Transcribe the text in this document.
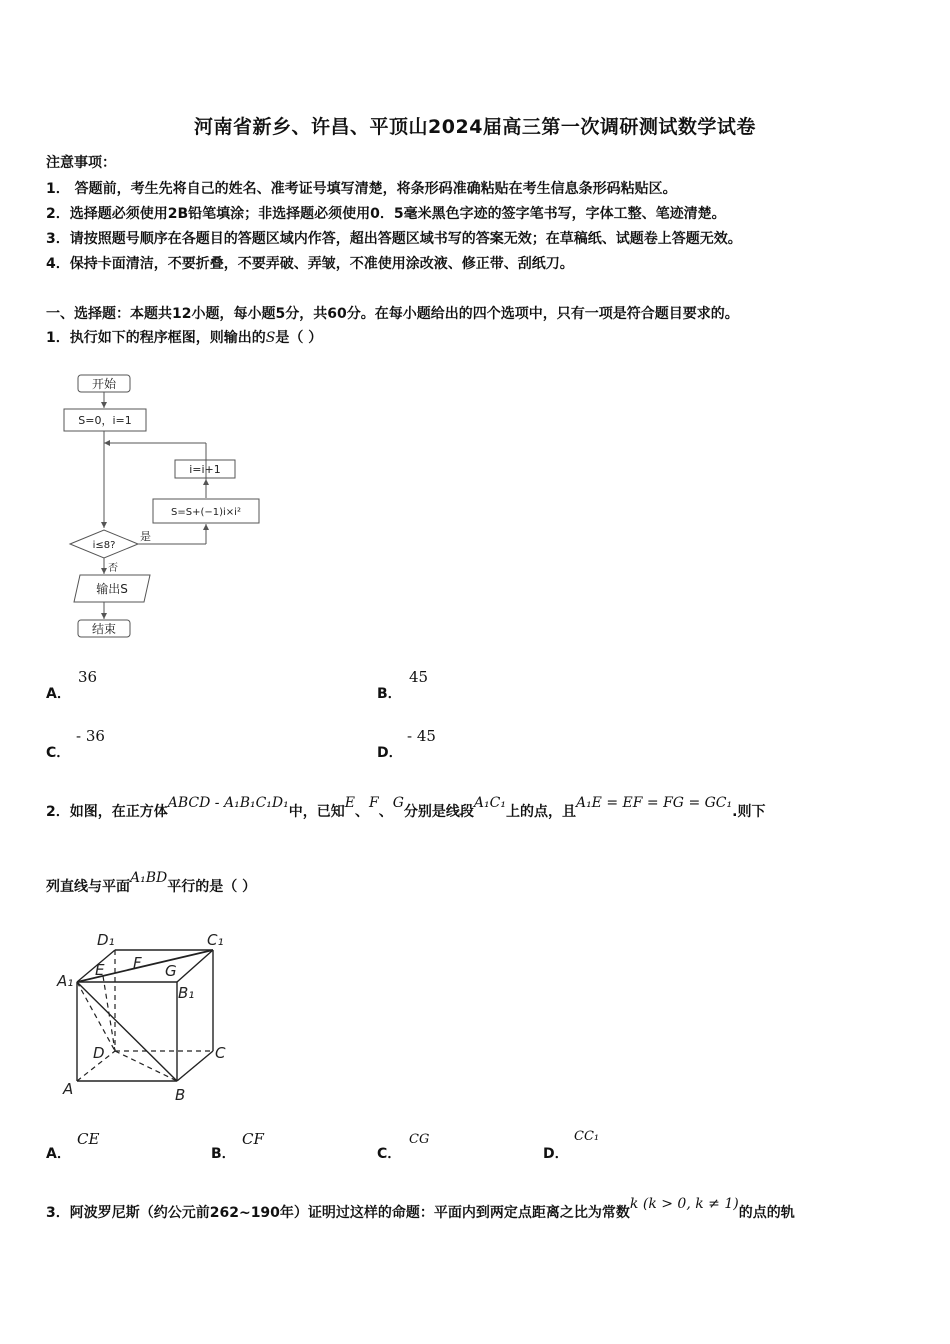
河南省新乡、许昌、平顶山2024届高三第一次调研测试数学试卷
注意事项：
1． 答题前，考生先将自己的姓名、准考证号填写清楚，将条形码准确粘贴在考生信息条形码粘贴区。
2．选择题必须使用2B铅笔填涂；非选择题必须使用0．5毫米黑色字迹的签字笔书写，字体工整、笔迹清楚。
3．请按照题号顺序在各题目的答题区域内作答，超出答题区域书写的答案无效；在草稿纸、试题卷上答题无效。
4．保持卡面清洁，不要折叠，不要弄破、弄皱，不准使用涂改液、修正带、刮纸刀。
一、选择题：本题共12小题，每小题5分，共60分。在每小题给出的四个选项中，只有一项是符合题目要求的。
1．执行如下的程序框图，则输出的S是（ ）
开始
S=0，i=1
i=i+1
S=S+(−1)i×i²
i≤8?
是
否
输出S
结束
A．
36
B．
45
C．
- 36
D．
- 45
2．如图，在正方体ABCD - A₁B₁C₁D₁中，已知E、F、G分别是线段A₁C₁上的点，且A₁E = EF = FG = GC₁.则下
列直线与平面A₁BD平行的是（ ）
D₁	C₁
A₁
B₁
E F G
D	C
A	B
A．
CE
B．
CF
C．
CG
D．
CC₁
3．阿波罗尼斯（约公元前262~190年）证明过这样的命题：平面内到两定点距离之比为常数k (k > 0, k ≠ 1)的点的轨
